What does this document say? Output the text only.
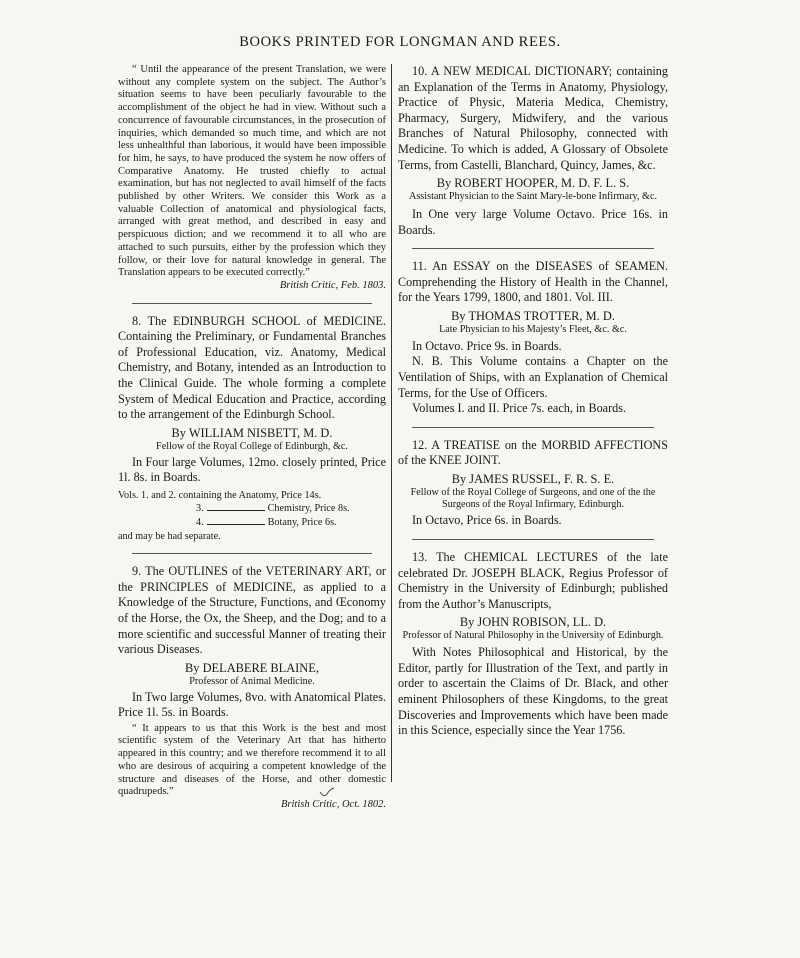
BOOKS PRINTED FOR LONGMAN AND REES.

“ Until the appearance of the present Translation, we were without any complete system on the subject. The Author’s situation seems to have been peculiarly favourable to the accomplishment of the object he had in view. Without such a concurrence of favourable circumstances, in the prosecution of inquiries, which demanded so much time, and which are not less unhealthful than laborious, it would have been impossible for him, he says, to have produced the system he now offers of Comparative Anatomy. He trusted chiefly to actual examination, but has not neglected to avail himself of the facts published by other Writers. We consider this Work as a valuable Collection of anatomical and physiological facts, arranged with great method, and described in easy and perspicuous diction; and we recommend it to all who are attached to such pursuits, either by the profession which they follow, or their love for natural knowledge in general. The Translation appears to be executed correctly.”

British Critic, Feb. 1803.

8. The EDINBURGH SCHOOL of MEDICINE. Containing the Preliminary, or Fundamental Branches of Professional Education, viz. Anatomy, Medical Chemistry, and Botany, intended as an Introduction to the Clinical Guide. The whole forming a complete System of Medical Education and Practice, according to the arrangement of the Edinburgh School.

By WILLIAM NISBETT, M. D.

Fellow of the Royal College of Edinburgh, &c.

In Four large Volumes, 12mo. closely printed, Price 1l. 8s. in Boards.

Vols. 1. and 2. containing the Anatomy, Price 14s.
3.	Chemistry, Price 8s.
4.	Botany, Price 6s.
and may be had separate.

9. The OUTLINES of the VETERINARY ART, or the PRINCIPLES of MEDICINE, as applied to a Knowledge of the Structure, Functions, and Œconomy of the Horse, the Ox, the Sheep, and the Dog; and to a more scientific and successful Manner of treating their various Diseases.

By DELABERE BLAINE,

Professor of Animal Medicine.

In Two large Volumes, 8vo. with Anatomical Plates. Price 1l. 5s. in Boards.

“ It appears to us that this Work is the best and most scientific system of the Veterinary Art that has hitherto appeared in this country; and we therefore recommend it to all who are desirous of acquiring a competent knowledge of the structure and diseases of the Horse, and other domestic quadrupeds.”

British Critic, Oct. 1802.

10. A NEW MEDICAL DICTIONARY; containing an Explanation of the Terms in Anatomy, Physiology, Practice of Physic, Materia Medica, Chemistry, Pharmacy, Surgery, Midwifery, and the various Branches of Natural Philosophy, connected with Medicine. To which is added, A Glossary of Obsolete Terms, from Castelli, Blanchard, Quincy, James, &c.

By ROBERT HOOPER, M. D. F. L. S.

Assistant Physician to the Saint Mary-le-bone Infirmary, &c.

In One very large Volume Octavo. Price 16s. in Boards.

11. An ESSAY on the DISEASES of SEAMEN. Comprehending the History of Health in the Channel, for the Years 1799, 1800, and 1801. Vol. III.

By THOMAS TROTTER, M. D.

Late Physician to his Majesty’s Fleet, &c. &c.

In Octavo. Price 9s. in Boards.

N. B. This Volume contains a Chapter on the Ventilation of Ships, with an Explanation of Chemical Terms, for the Use of Officers.

Volumes I. and II. Price 7s. each, in Boards.

12. A TREATISE on the MORBID AFFECTIONS of the KNEE JOINT.

By JAMES RUSSEL, F. R. S. E.

Fellow of the Royal College of Surgeons, and one of the the Surgeons of the Royal Infirmary, Edinburgh.

In Octavo, Price 6s. in Boards.

13. The CHEMICAL LECTURES of the late celebrated Dr. JOSEPH BLACK, Regius Professor of Chemistry in the University of Edinburgh; published from the Author’s Manuscripts,

By JOHN ROBISON, LL. D.

Professor of Natural Philosophy in the University of Edinburgh.

With Notes Philosophical and Historical, by the Editor, partly for Illustration of the Text, and partly in order to ascertain the Claims of Dr. Black, and other eminent Philosophers of these Kingdoms, to the great Discoveries and Improvements which have been made in this Science, especially since the Year 1756.
